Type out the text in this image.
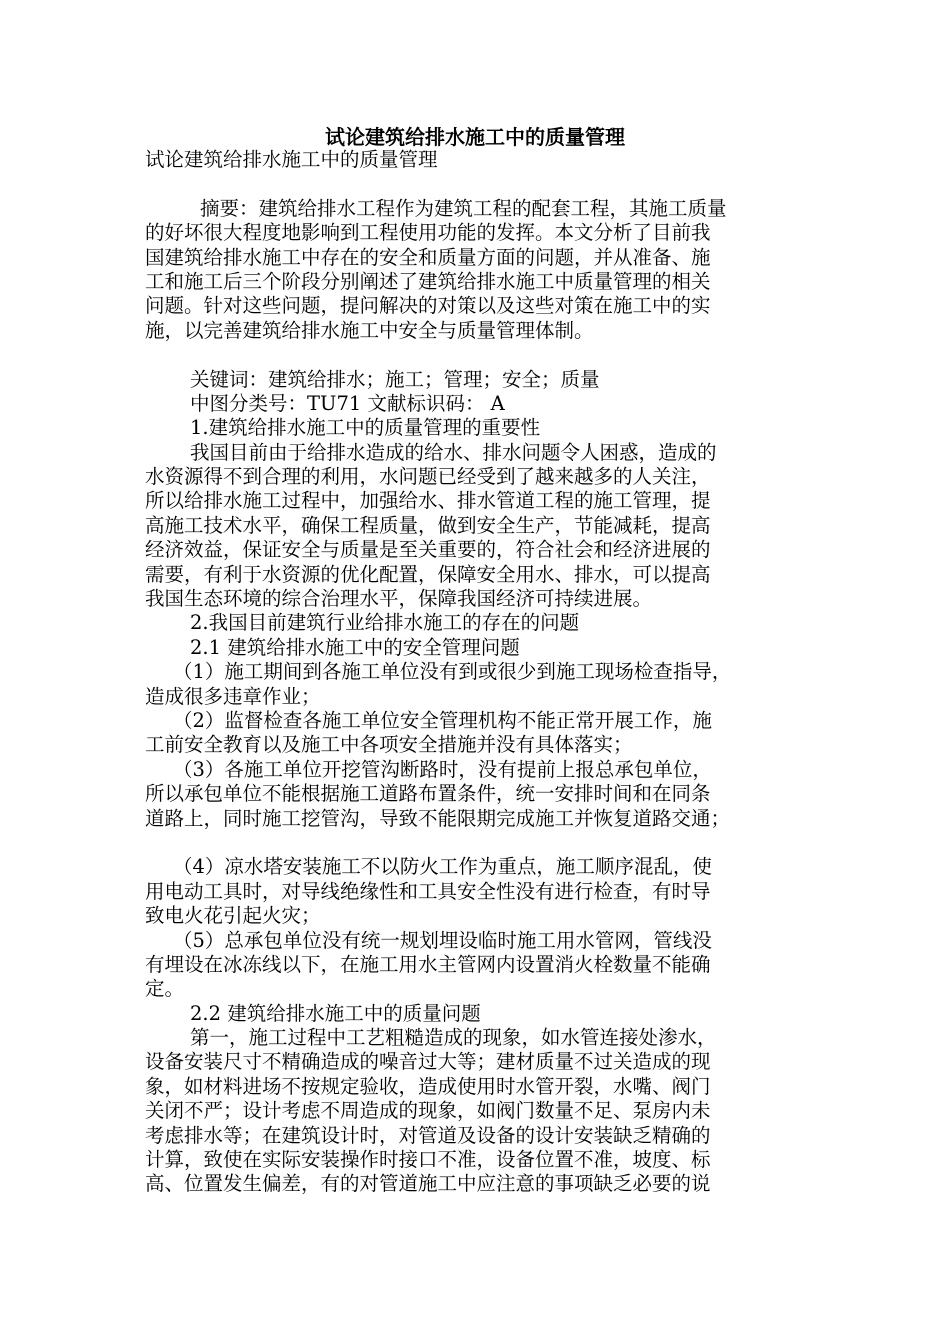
试论建筑给排水施工中的质量管理
试论建筑给排水施工中的质量管理
摘要：建筑给排水工程作为建筑工程的配套工程，其施工质量
的好坏很大程度地影响到工程使用功能的发挥。本文分析了目前我
国建筑给排水施工中存在的安全和质量方面的问题，并从准备、施
工和施工后三个阶段分别阐述了建筑给排水施工中质量管理的相关
问题。针对这些问题，提问解决的对策以及这些对策在施工中的实
施，以完善建筑给排水施工中安全与质量管理体制。
关键词：建筑给排水；施工；管理；安全；质量
中图分类号：TU71 文献标识码： A
1.建筑给排水施工中的质量管理的重要性
我国目前由于给排水造成的给水、排水问题令人困惑，造成的
水资源得不到合理的利用，水问题已经受到了越来越多的人关注，
所以给排水施工过程中，加强给水、排水管道工程的施工管理，提
高施工技术水平，确保工程质量，做到安全生产，节能减耗，提高
经济效益，保证安全与质量是至关重要的，符合社会和经济进展的
需要，有利于水资源的优化配置，保障安全用水、排水，可以提高
我国生态环境的综合治理水平，保障我国经济可持续进展。
2.我国目前建筑行业给排水施工的存在的问题
2.1 建筑给排水施工中的安全管理问题
（1）施工期间到各施工单位没有到或很少到施工现场检查指导，
造成很多违章作业；
（2）监督检查各施工单位安全管理机构不能正常开展工作，施
工前安全教育以及施工中各项安全措施并没有具体落实；
（3）各施工单位开挖管沟断路时，没有提前上报总承包单位，
所以承包单位不能根据施工道路布置条件，统一安排时间和在同条
道路上，同时施工挖管沟，导致不能限期完成施工并恢复道路交通；
（4）凉水塔安装施工不以防火工作为重点，施工顺序混乱，使
用电动工具时，对导线绝缘性和工具安全性没有进行检查，有时导
致电火花引起火灾；
（5）总承包单位没有统一规划埋设临时施工用水管网，管线没
有埋设在冰冻线以下，在施工用水主管网内设置消火栓数量不能确
定。
2.2 建筑给排水施工中的质量问题
第一，施工过程中工艺粗糙造成的现象，如水管连接处渗水，
设备安装尺寸不精确造成的噪音过大等；建材质量不过关造成的现
象，如材料进场不按规定验收，造成使用时水管开裂，水嘴、阀门
关闭不严；设计考虑不周造成的现象，如阀门数量不足、泵房内未
考虑排水等；在建筑设计时，对管道及设备的设计安装缺乏精确的
计算，致使在实际安装操作时接口不准，设备位置不准，坡度、标
高、位置发生偏差，有的对管道施工中应注意的事项缺乏必要的说
